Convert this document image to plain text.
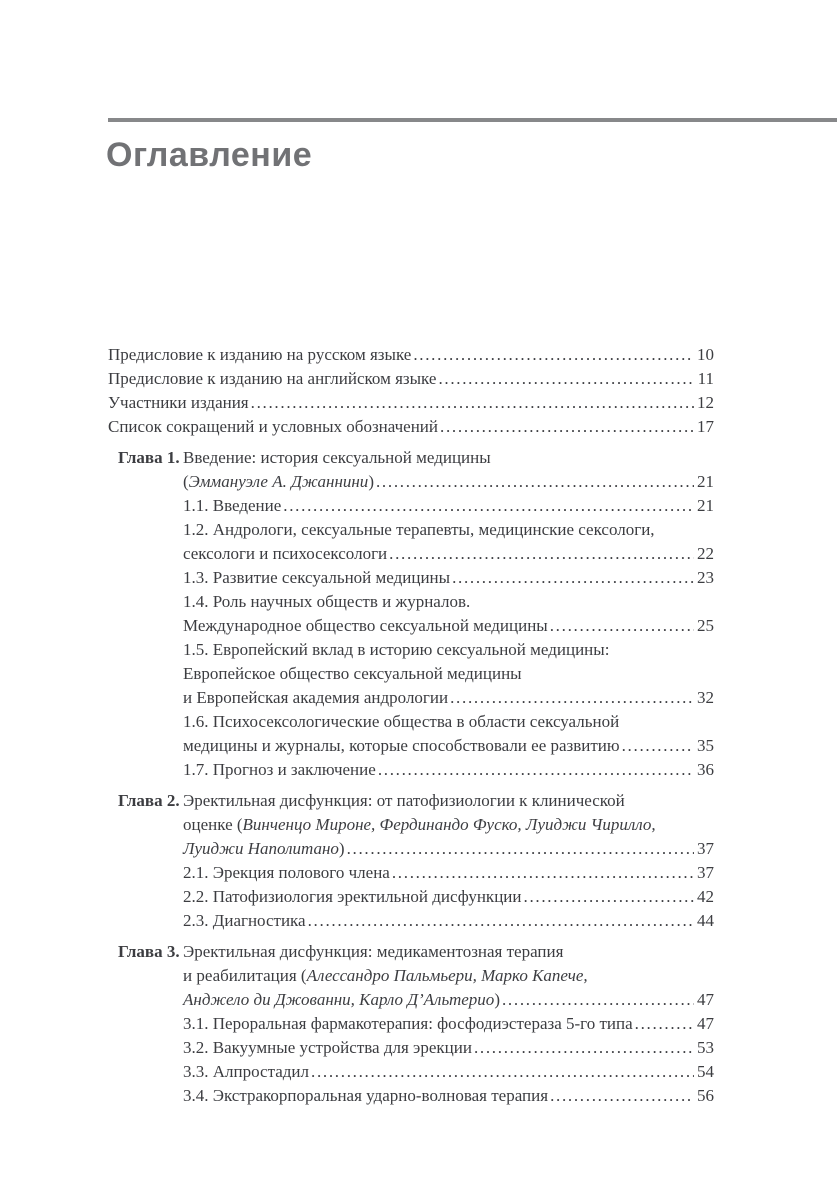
Оглавление
Предисловие к изданию на русском языке .....	10
Предисловие к изданию на английском языке .....	11
Участники издания .....	12
Список сокращений и условных обозначений .....	17
Глава 1. Введение: история сексуальной медицины
(Эммануэле А. Джаннини) .....	21
1.1. Введение .....	21
1.2. Андрологи, сексуальные терапевты, медицинские сексологи,
сексологи и психосексологи .....	22
1.3. Развитие сексуальной медицины .....	23
1.4. Роль научных обществ и журналов.
Международное общество сексуальной медицины .....	25
1.5. Европейский вклад в историю сексуальной медицины:
Европейское общество сексуальной медицины
и Европейская академия андрологии .....	32
1.6. Психосексологические общества в области сексуальной
медицины и журналы, которые способствовали ее развитию .....	35
1.7. Прогноз и заключение .....	36
Глава 2. Эректильная дисфункция: от патофизиологии к клинической
оценке (Винченцо Мироне, Фердинандо Фуско, Луиджи Чирилло,
Луиджи Наполитано) .....	37
2.1. Эрекция полового члена .....	37
2.2. Патофизиология эректильной дисфункции .....	42
2.3. Диагностика .....	44
Глава 3. Эректильная дисфункция: медикаментозная терапия
и реабилитация (Алессандро Пальмьери, Марко Капече,
Анджело ди Джованни, Карло Д’Альтерио) .....	47
3.1. Пероральная фармакотерапия: фосфодиэстераза 5-го типа .....	47
3.2. Вакуумные устройства для эрекции .....	53
3.3. Алпростадил .....	54
3.4. Экстракорпоральная ударно-волновая терапия .....	56
